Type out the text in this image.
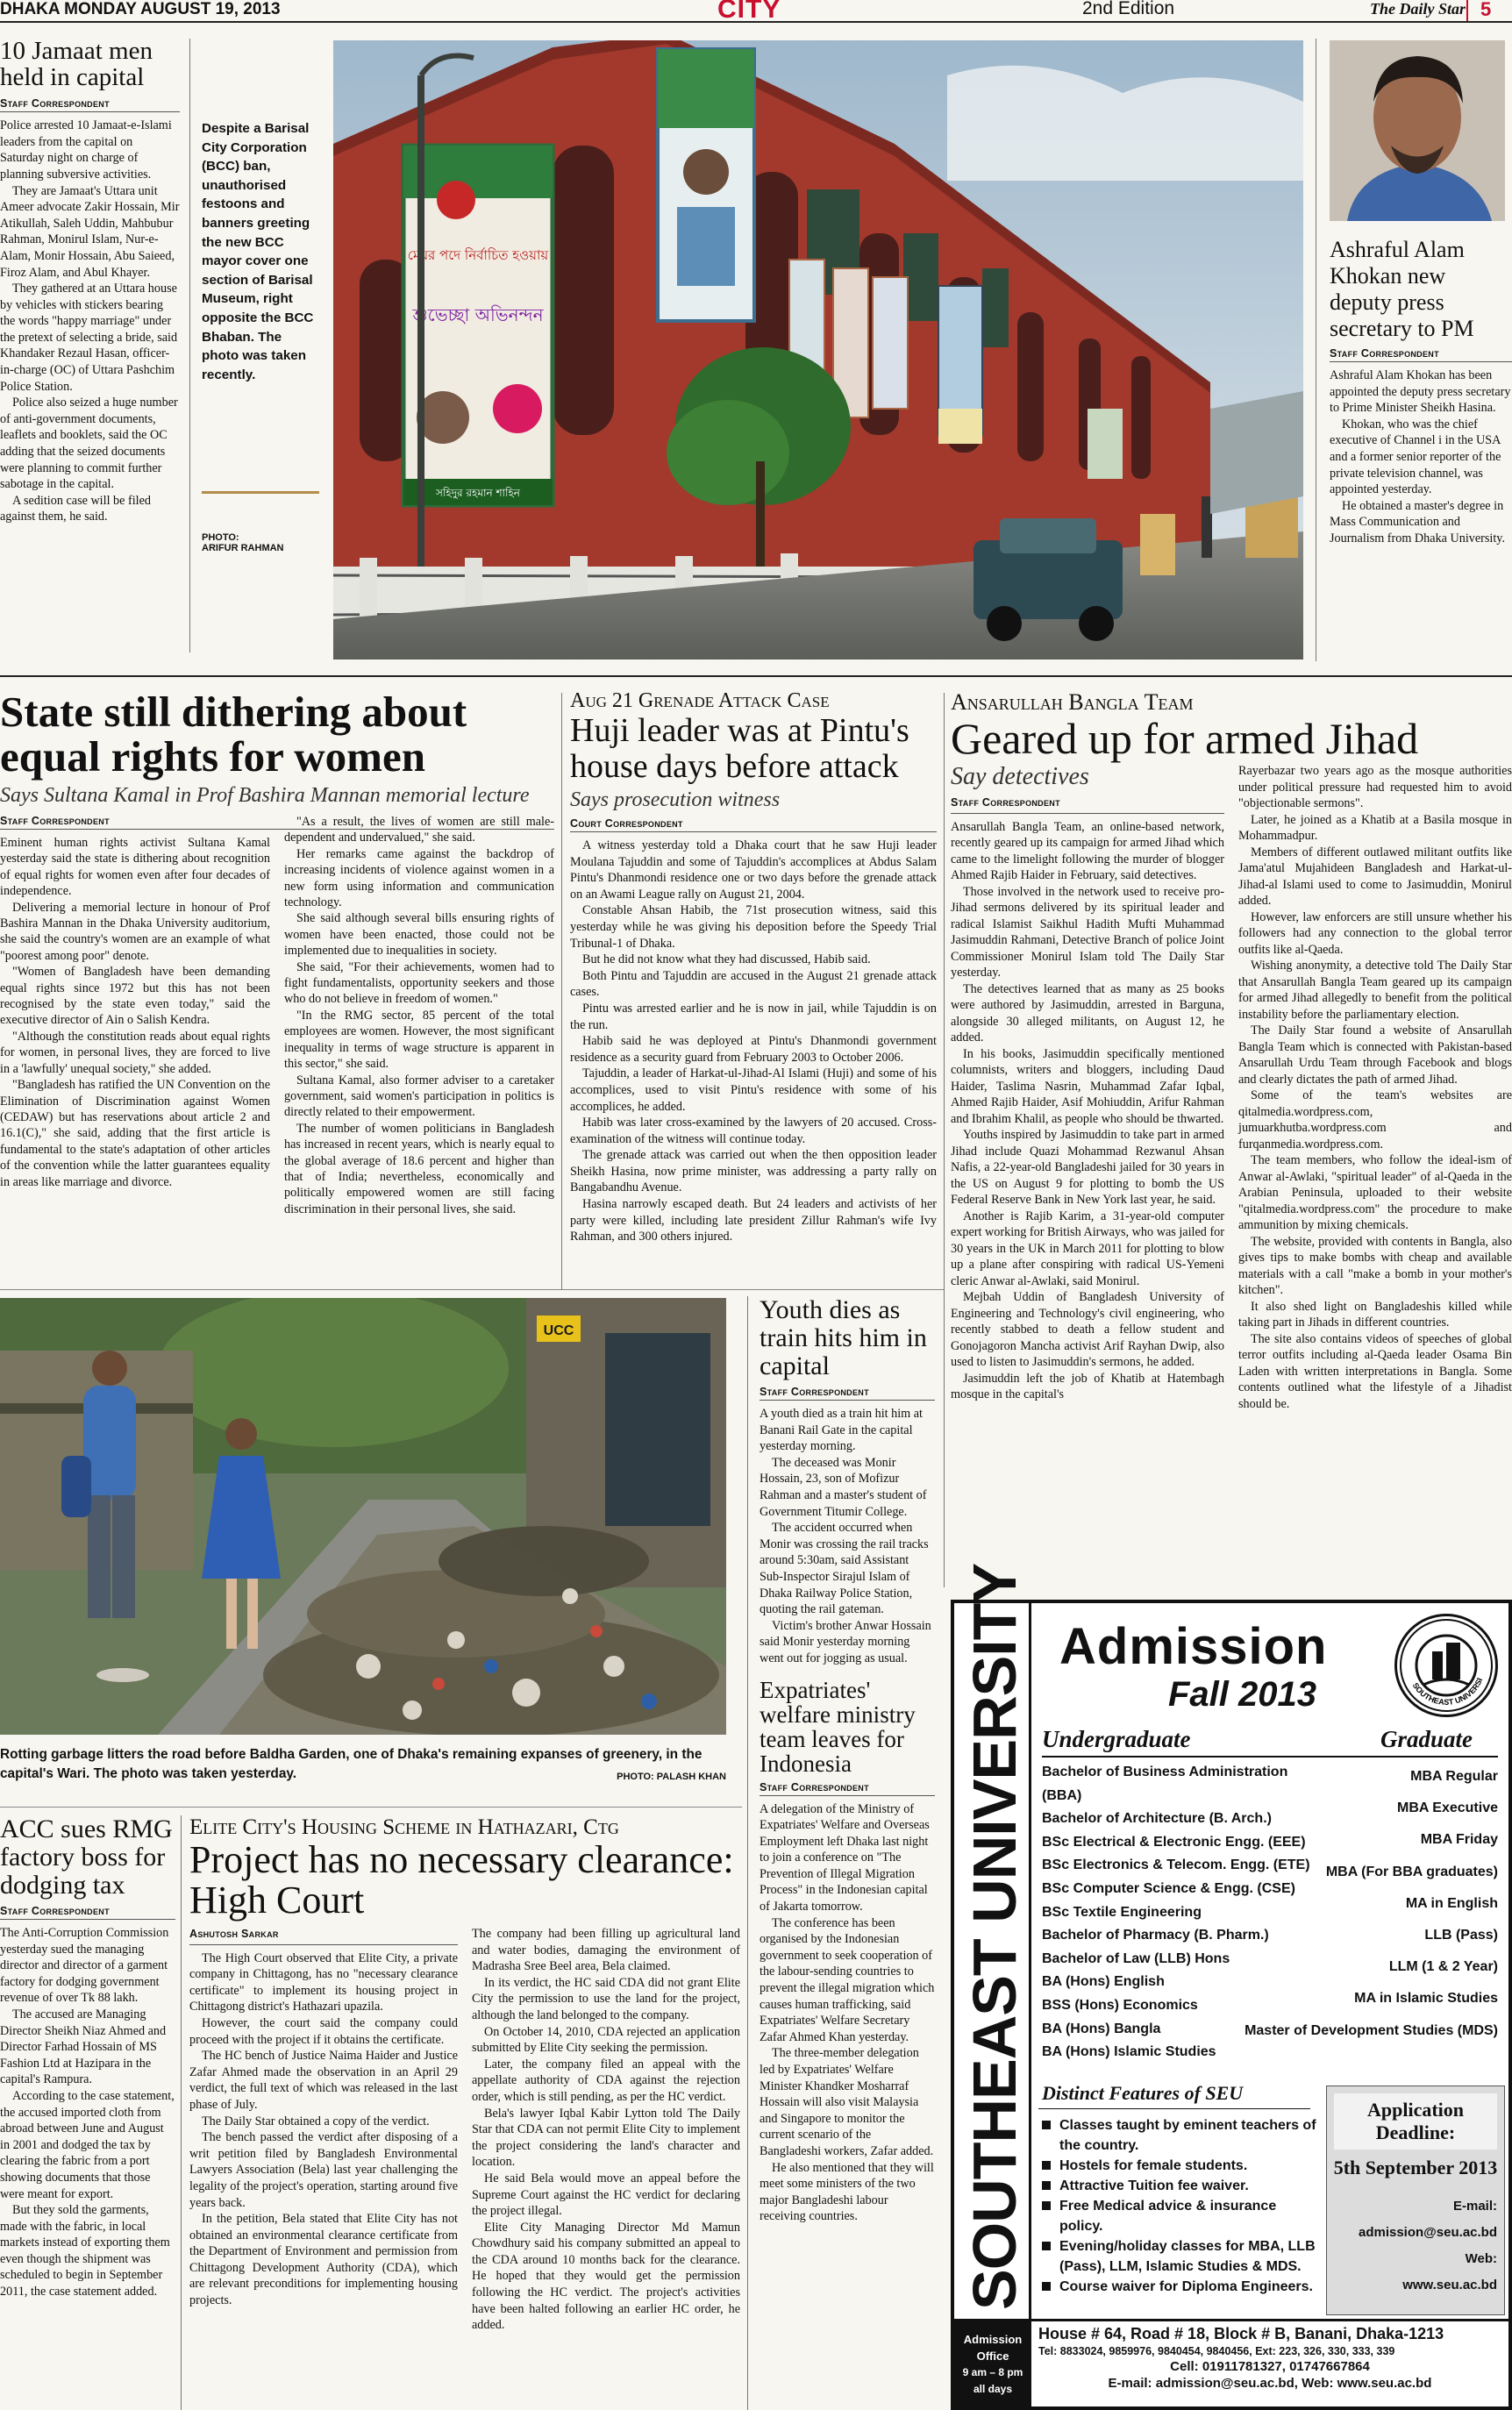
DHAKA MONDAY AUGUST 19, 2013	CITY	2nd Edition	The Daily Star 5
10 Jamaat men held in capital
Staff Correspondent

Police arrested 10 Jamaat-e-Islami leaders from the capital on Saturday night on charge of planning subversive activities.

They are Jamaat's Uttara unit Ameer advocate Zakir Hossain, Mir Atikullah, Saleh Uddin, Mahbubur Rahman, Monirul Islam, Nur-e-Alam, Monir Hossain, Abu Saieed, Firoz Alam, and Abul Khayer.

They gathered at an Uttara house by vehicles with stickers bearing the words "happy marriage" under the pretext of selecting a bride, said Khandaker Rezaul Hasan, officer-in-charge (OC) of Uttara Pashchim Police Station.

Police also seized a huge number of anti-government documents, leaflets and booklets, said the OC adding that the seized documents were planning to commit further sabotage in the capital.

A sedition case will be filed against them, he said.

Despite a Barisal City Corporation (BCC) ban, unauthorised festoons and banners greeting the new BCC mayor cover one section of Barisal Museum, right opposite the BCC Bhaban. The photo was taken recently.
PHOTO:
ARIFUR RAHMAN
মেয়র পদে নির্বাচিত হওয়ায়
শুভেচ্ছা অভিনন্দন
সহিদুর রহমান শাহিন
Ashraful Alam Khokan new deputy press secretary to PM
Staff Correspondent

Ashraful Alam Khokan has been appointed the deputy press secretary to Prime Minister Sheikh Hasina.

Khokan, who was the chief executive of Channel i in the USA and a former senior reporter of the private television channel, was appointed yesterday.

He obtained a master's degree in Mass Communication and Journalism from Dhaka University.

State still dithering about equal rights for women
Says Sultana Kamal in Prof Bashira Mannan memorial lecture
Staff Correspondent

Eminent human rights activist Sultana Kamal yesterday said the state is dithering about recognition of equal rights for women even after four decades of independence.

Delivering a memorial lecture in honour of Prof Bashira Mannan in the Dhaka University auditorium, she said the country's women are an example of what "poorest among poor" denote.

"Women of Bangladesh have been demanding equal rights since 1972 but this has not been recognised by the state even today," said the executive director of Ain o Salish Kendra.

"Although the constitution reads about equal rights for women, in personal lives, they are forced to live in a 'lawfully' unequal society," she added.

"Bangladesh has ratified the UN Convention on the Elimination of Discrimination against Women (CEDAW) but has reservations about article 2 and 16.1(C)," she said, adding that the first article is fundamental to the state's adaptation of other articles of the convention while the latter guarantees equality in areas like marriage and divorce.

"As a result, the lives of women are still male-dependent and undervalued," she said.

Her remarks came against the backdrop of increasing incidents of violence against women in a new form using information and communication technology.

She said although several bills ensuring rights of women have been enacted, those could not be implemented due to inequalities in society.

She said, "For their achievements, women had to fight fundamentalists, opportunity seekers and those who do not believe in freedom of women."

"In the RMG sector, 85 percent of the total employees are women. However, the most significant inequality in terms of wage structure is apparent in this sector," she said.

Sultana Kamal, also former adviser to a caretaker government, said women's participation in politics is directly related to their empowerment.

The number of women politicians in Bangladesh has increased in recent years, which is nearly equal to the global average of 18.6 percent and higher than that of India; nevertheless, economically and politically empowered women are still facing discrimination in their personal lives, she said.

Aug 21 Grenade Attack Case
Huji leader was at Pintu's house days before attack
Says prosecution witness
Court Correspondent

A witness yesterday told a Dhaka court that he saw Huji leader Moulana Tajuddin and some of Tajuddin's accomplices at Abdus Salam Pintu's Dhanmondi residence one or two days before the grenade attack on an Awami League rally on August 21, 2004.

Constable Ahsan Habib, the 71st prosecution witness, said this yesterday while he was giving his deposition before the Speedy Trial Tribunal-1 of Dhaka.

But he did not know what they had discussed, Habib said.

Both Pintu and Tajuddin are accused in the August 21 grenade attack cases.

Pintu was arrested earlier and he is now in jail, while Tajuddin is on the run.

Habib said he was deployed at Pintu's Dhanmondi government residence as a security guard from February 2003 to October 2006.

Tajuddin, a leader of Harkat-ul-Jihad-Al Islami (Huji) and some of his accomplices, used to visit Pintu's residence with some of his accomplices, he added.

Habib was later cross-examined by the lawyers of 20 accused. Cross-examination of the witness will continue today.

The grenade attack was carried out when the then opposition leader Sheikh Hasina, now prime minister, was addressing a party rally on Bangabandhu Avenue.

Hasina narrowly escaped death. But 24 leaders and activists of her party were killed, including late president Zillur Rahman's wife Ivy Rahman, and 300 others injured.

Ansarullah Bangla Team
Geared up for armed Jihad
Say detectives
Staff Correspondent

Ansarullah Bangla Team, an online-based network, recently geared up its campaign for armed Jihad which came to the limelight following the murder of blogger Ahmed Rajib Haider in February, said detectives.

Those involved in the network used to receive pro-Jihad sermons delivered by its spiritual leader and radical Islamist Saikhul Hadith Mufti Muhammad Jasimuddin Rahmani, Detective Branch of police Joint Commissioner Monirul Islam told The Daily Star yesterday.

The detectives learned that as many as 25 books were authored by Jasimuddin, arrested in Barguna, alongside 30 alleged militants, on August 12, he added.

In his books, Jasimuddin specifically mentioned columnists, writers and bloggers, including Daud Haider, Taslima Nasrin, Muhammad Zafar Iqbal, Ahmed Rajib Haider, Asif Mohiuddin, Arifur Rahman and Ibrahim Khalil, as people who should be thwarted.

Youths inspired by Jasimuddin to take part in armed Jihad include Quazi Mohammad Rezwanul Ahsan Nafis, a 22-year-old Bangladeshi jailed for 30 years in the US on August 9 for plotting to bomb the US Federal Reserve Bank in New York last year, he said.

Another is Rajib Karim, a 31-year-old computer expert working for British Airways, who was jailed for 30 years in the UK in March 2011 for plotting to blow up a plane after conspiring with radical US-Yemeni cleric Anwar al-Awlaki, said Monirul.

Mejbah Uddin of Bangladesh University of Engineering and Technology's civil engineering, who recently stabbed to death a fellow student and Gonojagoron Mancha activist Arif Rayhan Dwip, also used to listen to Jasimuddin's sermons, he added.

Jasimuddin left the job of Khatib at Hatembagh mosque in the capital's

Rayerbazar two years ago as the mosque authorities under political pressure had requested him to avoid "objectionable sermons".

Later, he joined as a Khatib at a Basila mosque in Mohammadpur.

Members of different outlawed militant outfits like Jama'atul Mujahideen Bangladesh and Harkat-ul-Jihad-al Islami used to come to Jasimuddin, Monirul added.

However, law enforcers are still unsure whether his followers had any connection to the global terror outfits like al-Qaeda.

Wishing anonymity, a detective told The Daily Star that Ansarullah Bangla Team geared up its campaign for armed Jihad allegedly to benefit from the political instability before the parliamentary election.

The Daily Star found a website of Ansarullah Bangla Team which is connected with Pakistan-based Ansarullah Urdu Team through Facebook and blogs and clearly dictates the path of armed Jihad.

Some of the team's websites are qitalmedia.wordpress.com, jumuarkhutba.wordpress.com and furqanmedia.wordpress.com.

The team members, who follow the ideal-ism of Anwar al-Awlaki, "spiritual leader" of al-Qaeda in the Arabian Peninsula, uploaded to their website "qitalmedia.wordpress.com" the procedure to make ammunition by mixing chemicals.

The website, provided with contents in Bangla, also gives tips to make bombs with cheap and available materials with a call "make a bomb in your mother's kitchen".

It also shed light on Bangladeshis killed while taking part in Jihads in different countries.

The site also contains videos of speeches of global terror outfits including al-Qaeda leader Osama Bin Laden with written interpretations in Bangla. Some contents outlined what the lifestyle of a Jihadist should be.

UCC
Rotting garbage litters the road before Baldha Garden, one of Dhaka's remaining expanses of greenery, in the capital's Wari. The photo was taken yesterday.	PHOTO: PALASH KHAN
Youth dies as train hits him in capital
Staff Correspondent

A youth died as a train hit him at Banani Rail Gate in the capital yesterday morning.

The deceased was Monir Hossain, 23, son of Mofizur Rahman and a master's student of Government Titumir College.

The accident occurred when Monir was crossing the rail tracks around 5:30am, said Assistant Sub-Inspector Sirajul Islam of Dhaka Railway Police Station, quoting the rail gateman.

Victim's brother Anwar Hossain said Monir yesterday morning went out for jogging as usual.

Expatriates' welfare ministry team leaves for Indonesia
Staff Correspondent

A delegation of the Ministry of Expatriates' Welfare and Overseas Employment left Dhaka last night to join a conference on "The Prevention of Illegal Migration Process" in the Indonesian capital of Jakarta tomorrow.

The conference has been organised by the Indonesian government to seek cooperation of the labour-sending countries to prevent the illegal migration which causes human trafficking, said Expatriates' Welfare Secretary Zafar Ahmed Khan yesterday.

The three-member delegation led by Expatriates' Welfare Minister Khandker Mosharraf Hossain will also visit Malaysia and Singapore to monitor the current scenario of the Bangladeshi workers, Zafar added.

He also mentioned that they will meet some ministers of the two major Bangladeshi labour receiving countries.

ACC sues RMG factory boss for dodging tax
Staff Correspondent

The Anti-Corruption Commission yesterday sued the managing director and director of a garment factory for dodging government revenue of over Tk 88 lakh.

The accused are Managing Director Sheikh Niaz Ahmed and Director Farhad Hossain of MS Fashion Ltd at Hazipara in the capital's Rampura.

According to the case statement, the accused imported cloth from abroad between June and August in 2001 and dodged the tax by clearing the fabric from a port showing documents that those were meant for export.

But they sold the garments, made with the fabric, in local markets instead of exporting them even though the shipment was scheduled to begin in September 2011, the case statement added.

Elite City's Housing Scheme in Hathazari, Ctg
Project has no necessary clearance: High Court
Ashutosh Sarkar

The High Court observed that Elite City, a private company in Chittagong, has no "necessary clearance certificate" to implement its housing project in Chittagong district's Hathazari upazila.

However, the court said the company could proceed with the project if it obtains the certificate.

The HC bench of Justice Naima Haider and Justice Zafar Ahmed made the observation in an April 29 verdict, the full text of which was released in the last phase of July.

The Daily Star obtained a copy of the verdict.

The bench passed the verdict after disposing of a writ petition filed by Bangladesh Environmental Lawyers Association (Bela) last year challenging the legality of the project's operation, starting around five years back.

In the petition, Bela stated that Elite City has not obtained an environmental clearance certificate from the Department of Environment and permission from Chittagong Development Authority (CDA), which are relevant preconditions for implementing housing projects.

The company had been filling up agricultural land and water bodies, damaging the environment of Madrasha Sree Beel area, Bela claimed.

In its verdict, the HC said CDA did not grant Elite City the permission to use the land for the project, although the land belonged to the company.

On October 14, 2010, CDA rejected an application submitted by Elite City seeking the permission.

Later, the company filed an appeal with the appellate authority of CDA against the rejection order, which is still pending, as per the HC verdict.

Bela's lawyer Iqbal Kabir Lytton told The Daily Star that CDA can not permit Elite City to implement the project considering the land's character and location.

He said Bela would move an appeal before the Supreme Court against the HC verdict for declaring the project illegal.

Elite City Managing Director Md Mamun Chowdhury said his company submitted an appeal to the CDA around 10 months back for the clearance. He hoped that they would get the permission following the HC verdict. The project's activities have been halted following an earlier HC order, he added.

SOUTHEAST UNIVERSITY
Admission Office
9 am – 8 pm
all days
Admission
Fall 2013	SOUTHEAST UNIVERSI
Undergraduate	Graduate
Bachelor of Business Administration (BBA)
Bachelor of Architecture (B. Arch.)
BSc Electrical & Electronic Engg. (EEE)
BSc Electronics & Telecom. Engg. (ETE)
BSc Computer Science & Engg. (CSE)
BSc Textile Engineering
Bachelor of Pharmacy (B. Pharm.)
Bachelor of Law (LLB) Hons
BA (Hons) English
BSS (Hons) Economics
BA (Hons) Bangla
BA (Hons) Islamic Studies
MBA Regular
MBA Executive
MBA Friday
MBA (For BBA graduates)
MA in English
LLB (Pass)
LLM (1 & 2 Year)
MA in Islamic Studies
Master of Development Studies (MDS)
Distinct Features of SEU
Classes taught by eminent teachers of the country.
Hostels for female students.
Attractive Tuition fee waiver.
Free Medical advice & insurance policy.
Evening/holiday classes for MBA, LLB (Pass), LLM, Islamic Studies & MDS.
Course waiver for Diploma Engineers.
Application Deadline:
5th September 2013
E-mail:
admission@seu.ac.bd
Web:
www.seu.ac.bd
House # 64, Road # 18, Block # B, Banani, Dhaka-1213
Tel: 8833024, 9859976, 9840454, 9840456, Ext: 223, 326, 330, 333, 339
Cell: 01911781327, 01747667864
E-mail: admission@seu.ac.bd, Web: www.seu.ac.bd
